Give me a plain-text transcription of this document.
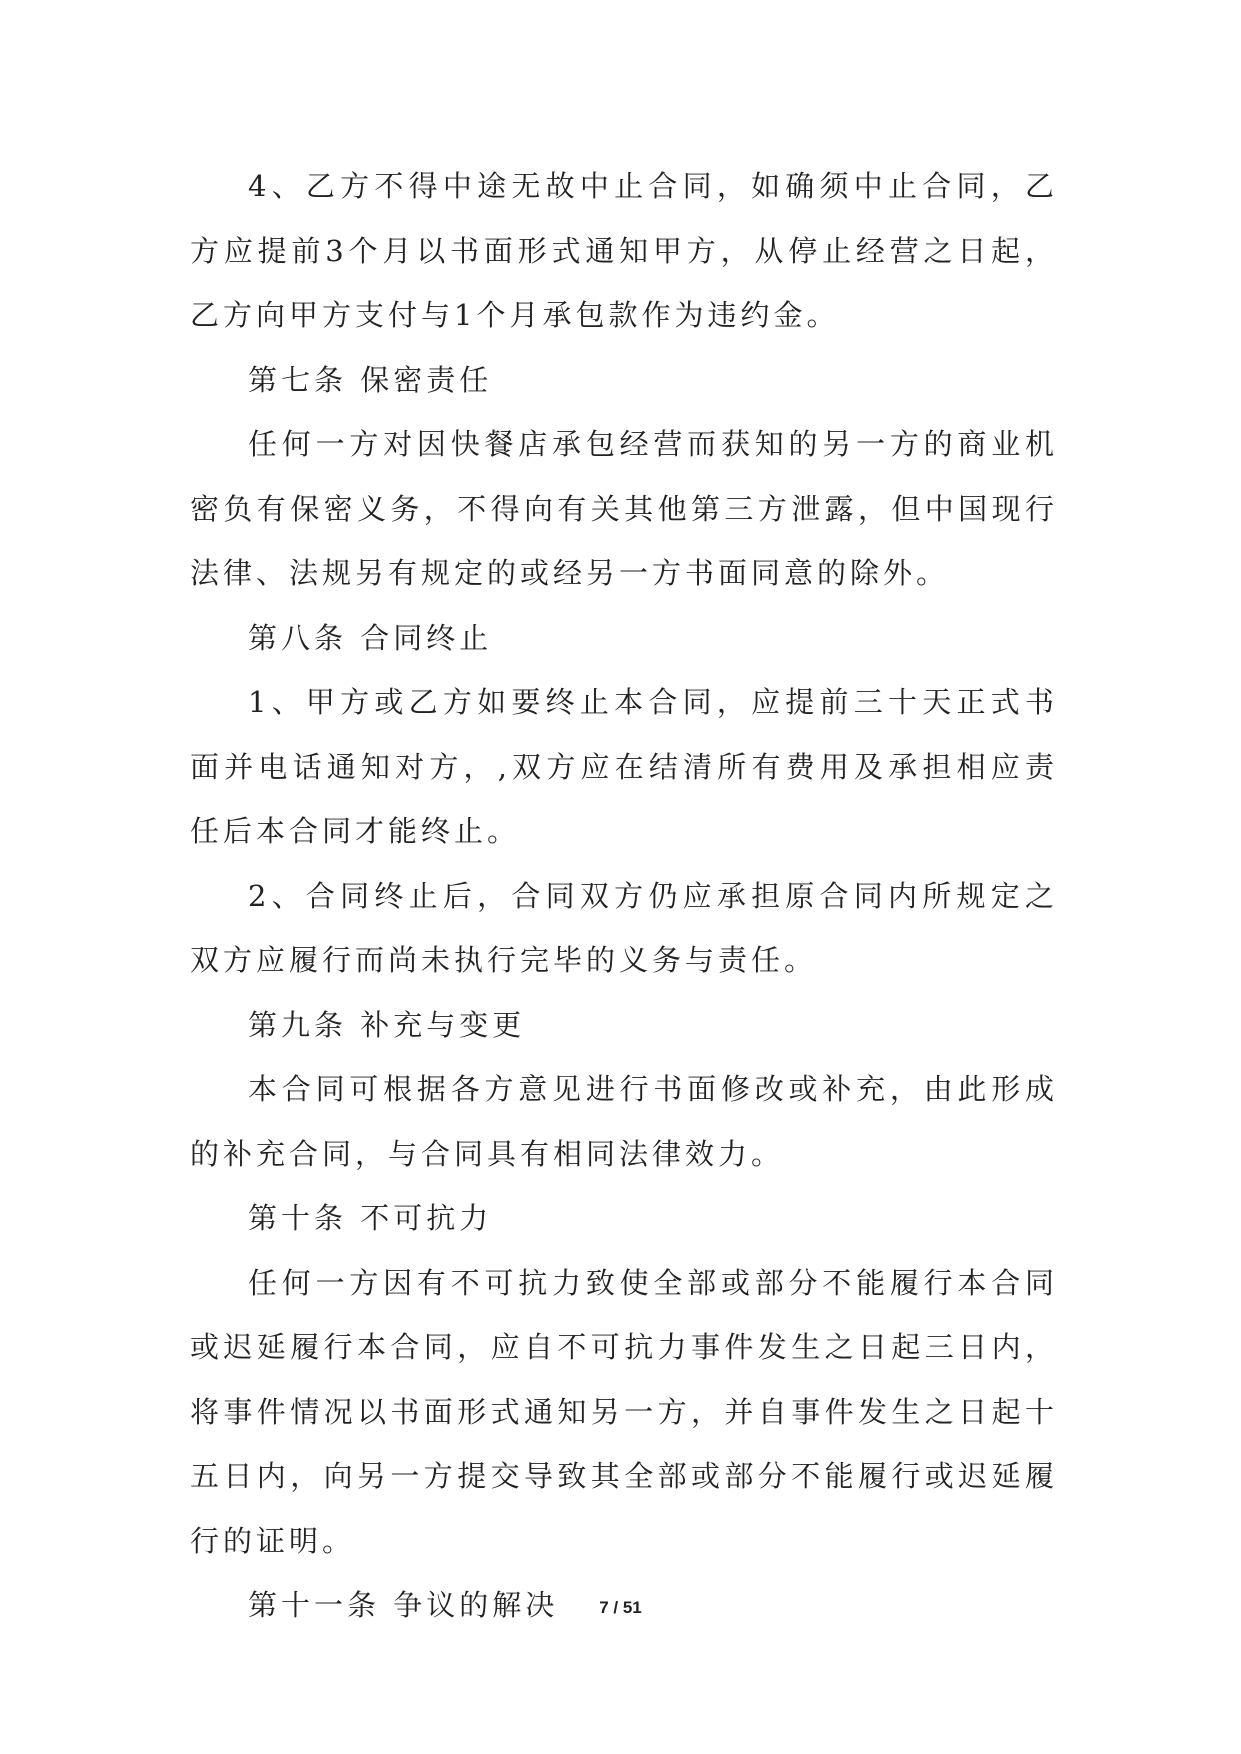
4、乙方不得中途无故中止合同，如确须中止合同，乙方应提前3个月以书面形式通知甲方，从停止经营之日起，乙方向甲方支付与1个月承包款作为违约金。

第七条 保密责任

任何一方对因快餐店承包经营而获知的另一方的商业机密负有保密义务，不得向有关其他第三方泄露，但中国现行法律、法规另有规定的或经另一方书面同意的除外。

第八条 合同终止

1、甲方或乙方如要终止本合同，应提前三十天正式书面并电话通知对方，,双方应在结清所有费用及承担相应责任后本合同才能终止。

2、合同终止后，合同双方仍应承担原合同内所规定之双方应履行而尚未执行完毕的义务与责任。

第九条 补充与变更

本合同可根据各方意见进行书面修改或补充，由此形成的补充合同，与合同具有相同法律效力。

第十条 不可抗力

任何一方因有不可抗力致使全部或部分不能履行本合同或迟延履行本合同，应自不可抗力事件发生之日起三日内，将事件情况以书面形式通知另一方，并自事件发生之日起十五日内，向另一方提交导致其全部或部分不能履行或迟延履行的证明。

第十一条 争议的解决	7 / 51
